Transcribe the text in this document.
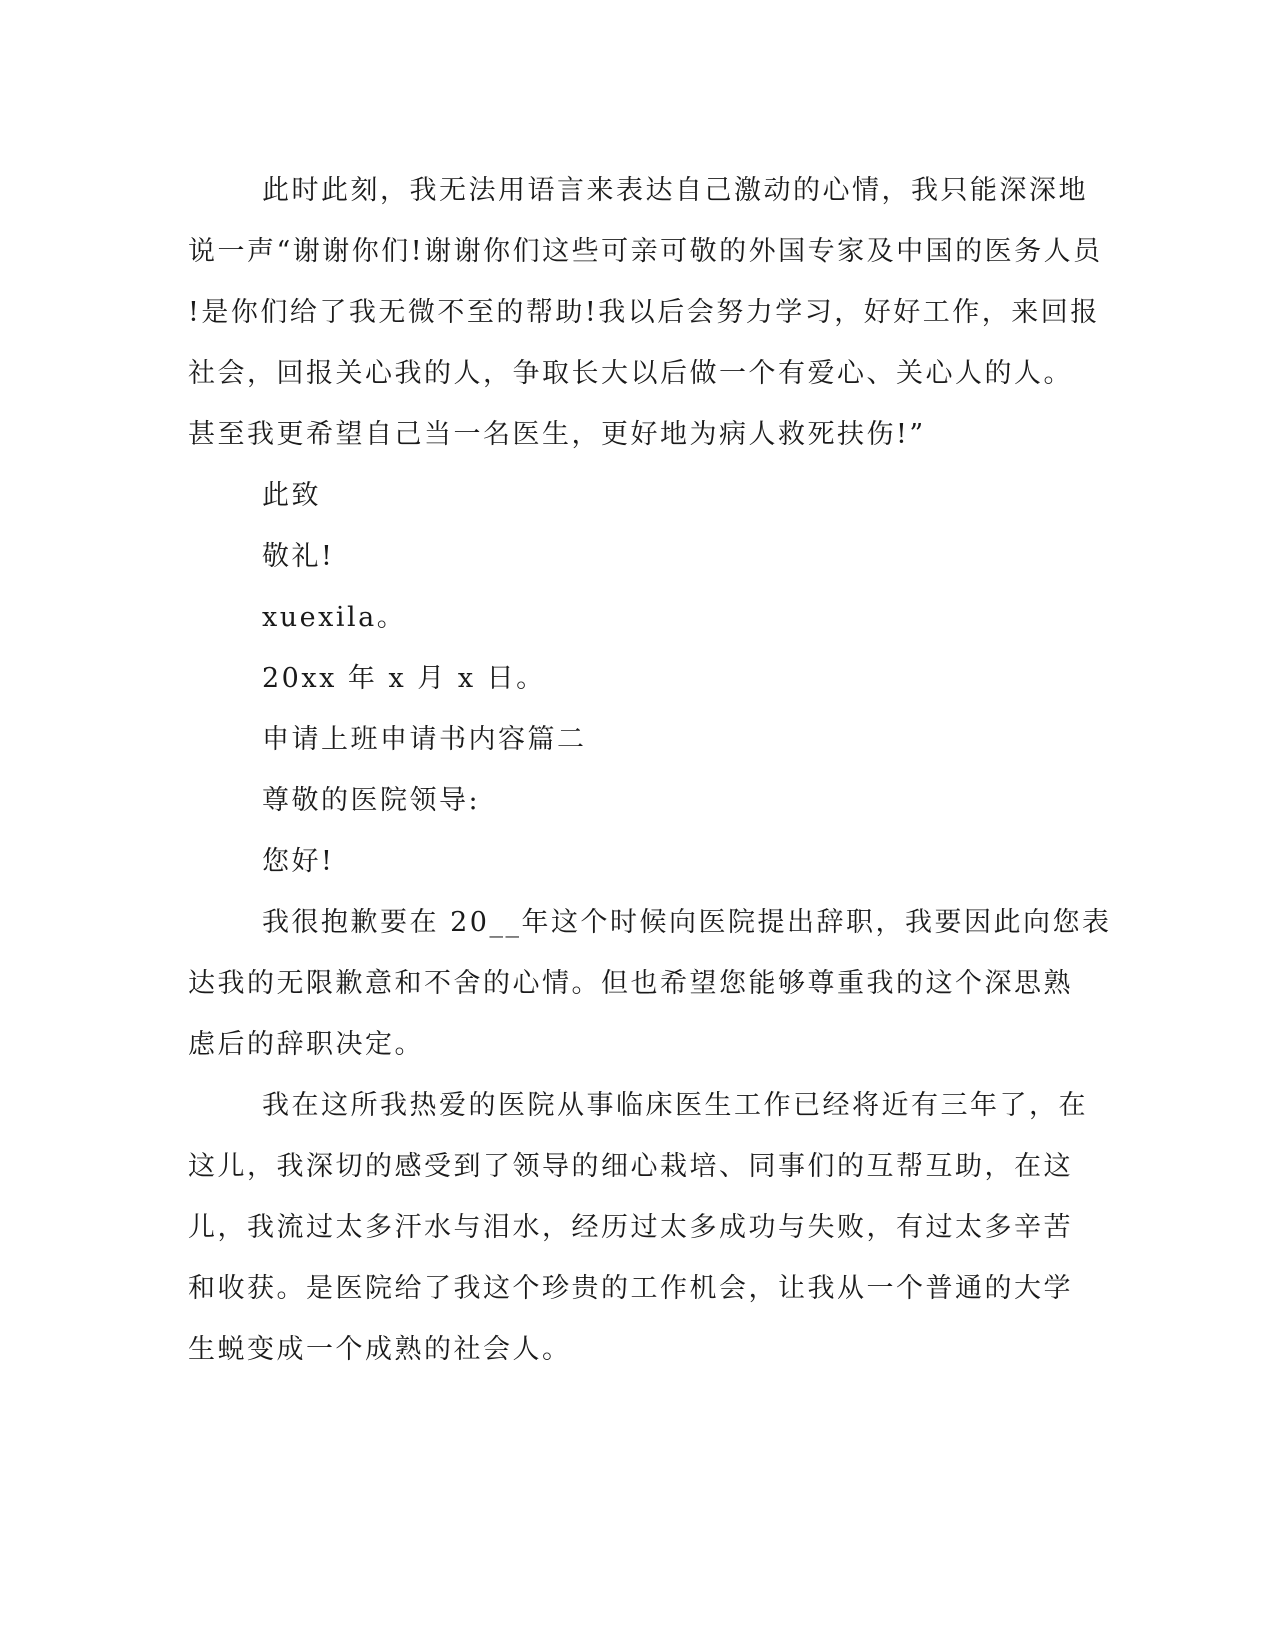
此时此刻，我无法用语言来表达自己激动的心情，我只能深深地
说一声“谢谢你们!谢谢你们这些可亲可敬的外国专家及中国的医务人员
!是你们给了我无微不至的帮助!我以后会努力学习，好好工作，来回报
社会，回报关心我的人，争取长大以后做一个有爱心、关心人的人。
甚至我更希望自己当一名医生，更好地为病人救死扶伤!”
此致
敬礼!
xuexila。
20xx 年 x 月 x 日。
申请上班申请书内容篇二
尊敬的医院领导:
您好!
我很抱歉要在 20__年这个时候向医院提出辞职，我要因此向您表
达我的无限歉意和不舍的心情。但也希望您能够尊重我的这个深思熟
虑后的辞职决定。
我在这所我热爱的医院从事临床医生工作已经将近有三年了，在
这儿，我深切的感受到了领导的细心栽培、同事们的互帮互助，在这
儿，我流过太多汗水与泪水，经历过太多成功与失败，有过太多辛苦
和收获。是医院给了我这个珍贵的工作机会，让我从一个普通的大学
生蜕变成一个成熟的社会人。
